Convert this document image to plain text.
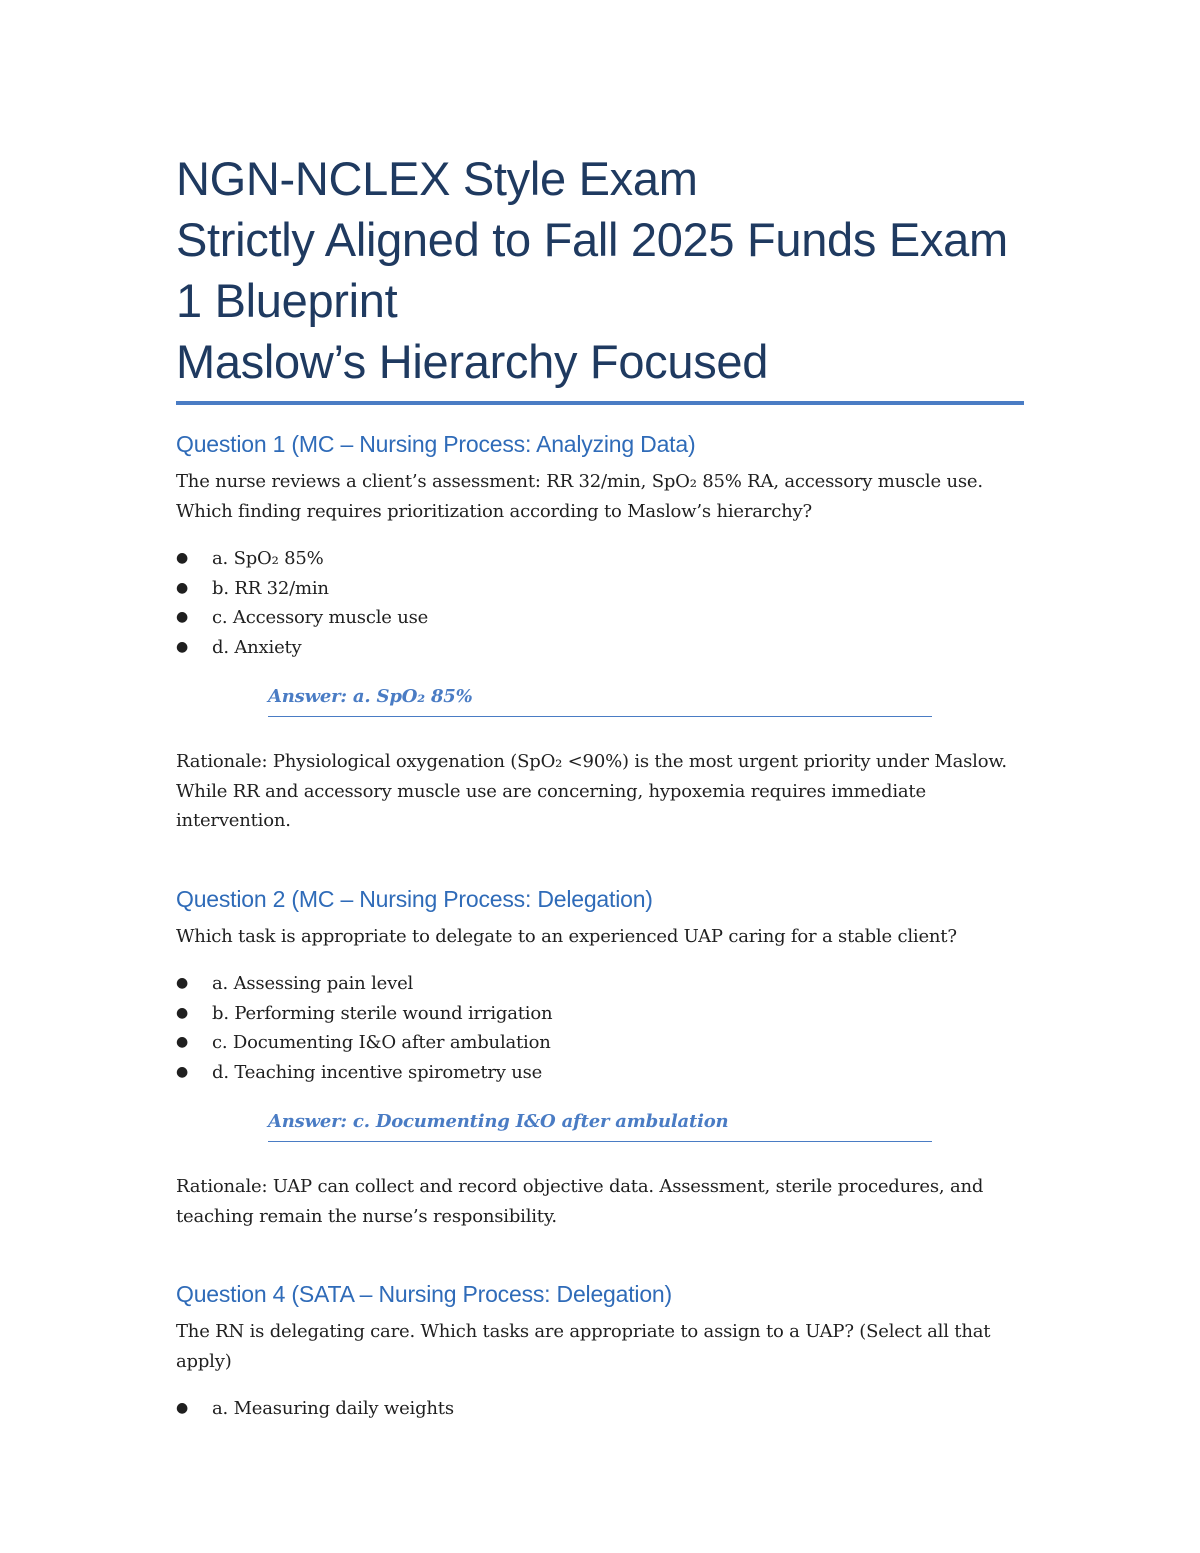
NGN-NCLEX Style Exam
Strictly Aligned to Fall 2025 Funds Exam
1 Blueprint
Maslow’s Hierarchy Focused
Question 1 (MC – Nursing Process: Analyzing Data)

The nurse reviews a client’s assessment: RR 32/min, SpO₂ 85% RA, accessory muscle use. Which finding requires prioritization according to Maslow’s hierarchy?

● a. SpO₂ 85%
● b. RR 32/min
● c. Accessory muscle use
● d. Anxiety
Answer: a. SpO₂ 85%

Rationale: Physiological oxygenation (SpO₂ <90%) is the most urgent priority under Maslow. While RR and accessory muscle use are concerning, hypoxemia requires immediate intervention.

Question 2 (MC – Nursing Process: Delegation)

Which task is appropriate to delegate to an experienced UAP caring for a stable client?

● a. Assessing pain level
● b. Performing sterile wound irrigation
● c. Documenting I&O after ambulation
● d. Teaching incentive spirometry use
Answer: c. Documenting I&O after ambulation

Rationale: UAP can collect and record objective data. Assessment, sterile procedures, and teaching remain the nurse’s responsibility.

Question 4 (SATA – Nursing Process: Delegation)

The RN is delegating care. Which tasks are appropriate to assign to a UAP? (Select all that apply)

● a. Measuring daily weights
